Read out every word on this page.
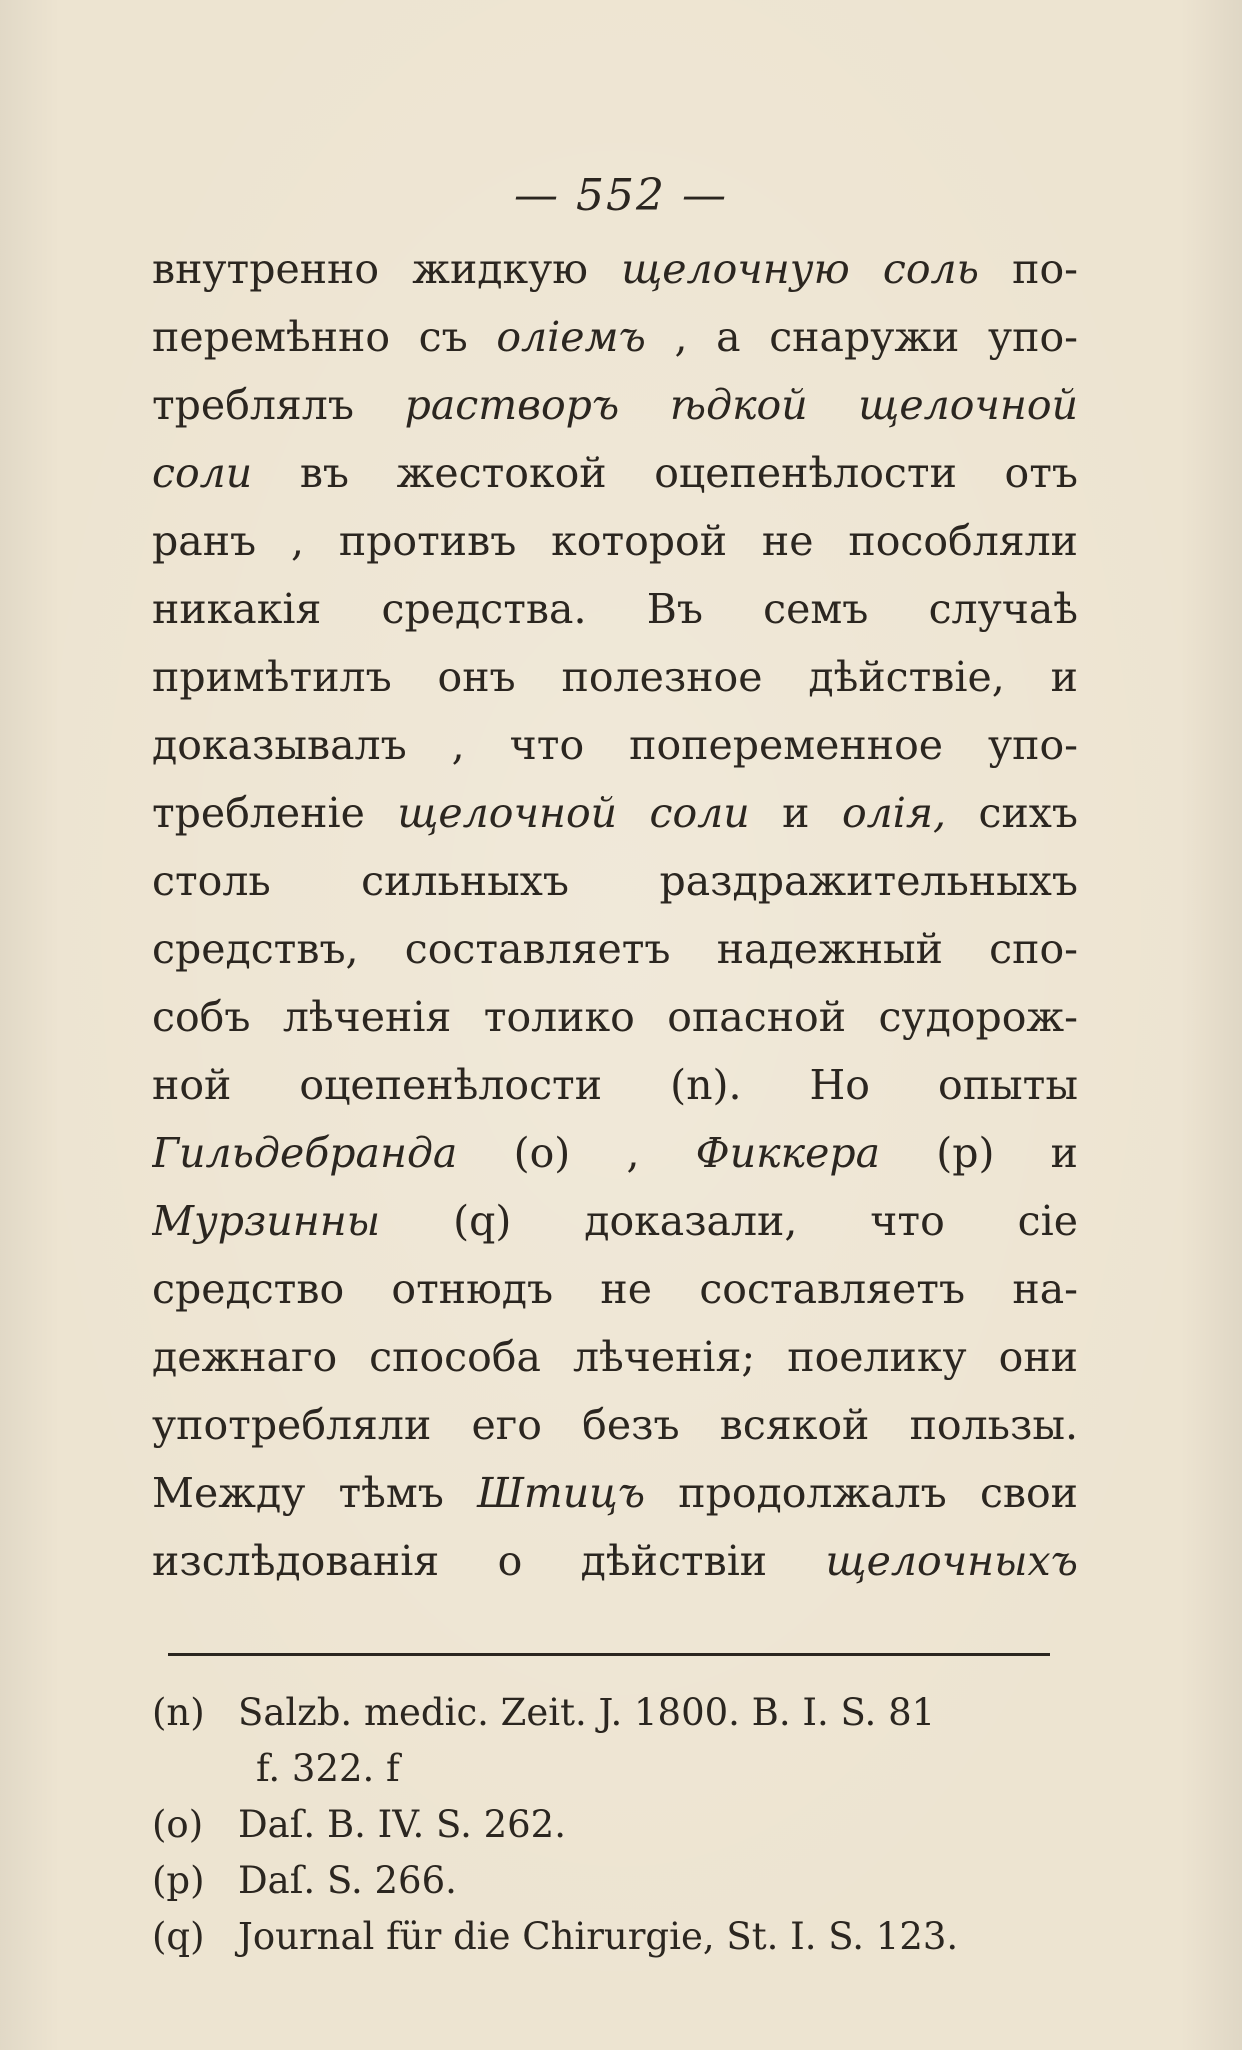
— 552 —
внутренно жидкую щелочную соль по-
перемѣнно съ оліемъ , а снаружи упо-
треблялъ растворъ ѣдкой щелочной
соли въ жестокой оцепенѣлости отъ
ранъ , противъ которой не пособляли
никакія средства. Въ семъ случаѣ
примѣтилъ онъ полезное дѣйствіе, и
доказывалъ , что попеременное упо-
требленіе щелочной соли и олія, сихъ
столь сильныхъ раздражительныхъ
средствъ, составляетъ надежный спо-
собъ лѣченія толико опасной судорож-
ной оцепенѣлости (n). Но опыты
Гильдебранда (o) , Фиккера (p) и
Мурзинны (q) доказали, что сіе
средство отнюдъ не составляетъ на-
дежнаго способа лѣченія; поелику они
употребляли его безъ всякой пользы.
Между тѣмъ Штицъ продолжалъ свои
изслѣдованія о дѣйствіи щелочныхъ
(n) Salzb. medic. Zeit. J. 1800. B. I. S. 81
f. 322. f
(o) Daſ. B. IV. S. 262.
(p) Daſ. S. 266.
(q) Journal für die Chirurgie, St. I. S. 123.
